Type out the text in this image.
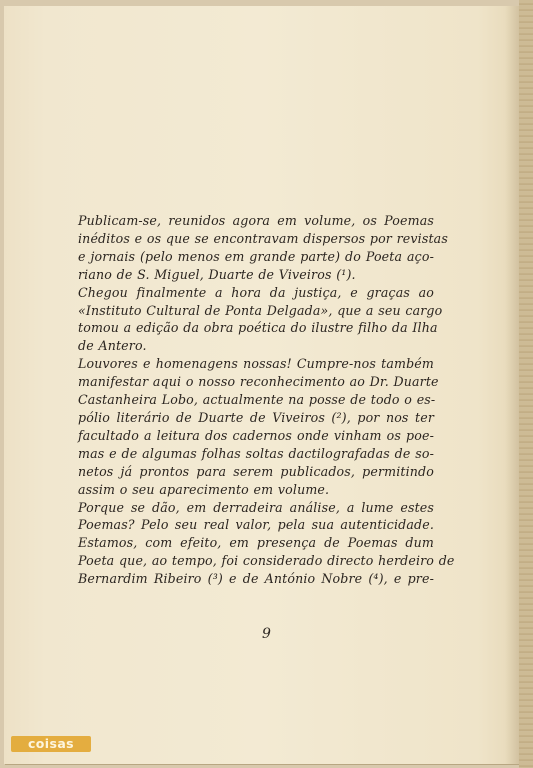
Publicam-se, reunidos agora em volume, os Poemas
inéditos e os que se encontravam dispersos por revistas
e jornais (pelo menos em grande parte) do Poeta aço-
riano de S. Miguel, Duarte de Viveiros (¹).
Chegou finalmente a hora da justiça, e graças ao
«Instituto Cultural de Ponta Delgada», que a seu cargo
tomou a edição da obra poética do ilustre filho da Ilha
de Antero.
Louvores e homenagens nossas! Cumpre-nos também
manifestar aqui o nosso reconhecimento ao Dr. Duarte
Castanheira Lobo, actualmente na posse de todo o es-
pólio literário de Duarte de Viveiros (²), por nos ter
facultado a leitura dos cadernos onde vinham os poe-
mas e de algumas folhas soltas dactilografadas de so-
netos já prontos para serem publicados, permitindo
assim o seu aparecimento em volume.
Porque se dão, em derradeira análise, a lume estes
Poemas? Pelo seu real valor, pela sua autenticidade.
Estamos, com efeito, em presença de Poemas dum
Poeta que, ao tempo, foi considerado directo herdeiro de
Bernardim Ribeiro (³) e de António Nobre (⁴), e pre-
9
coisas
